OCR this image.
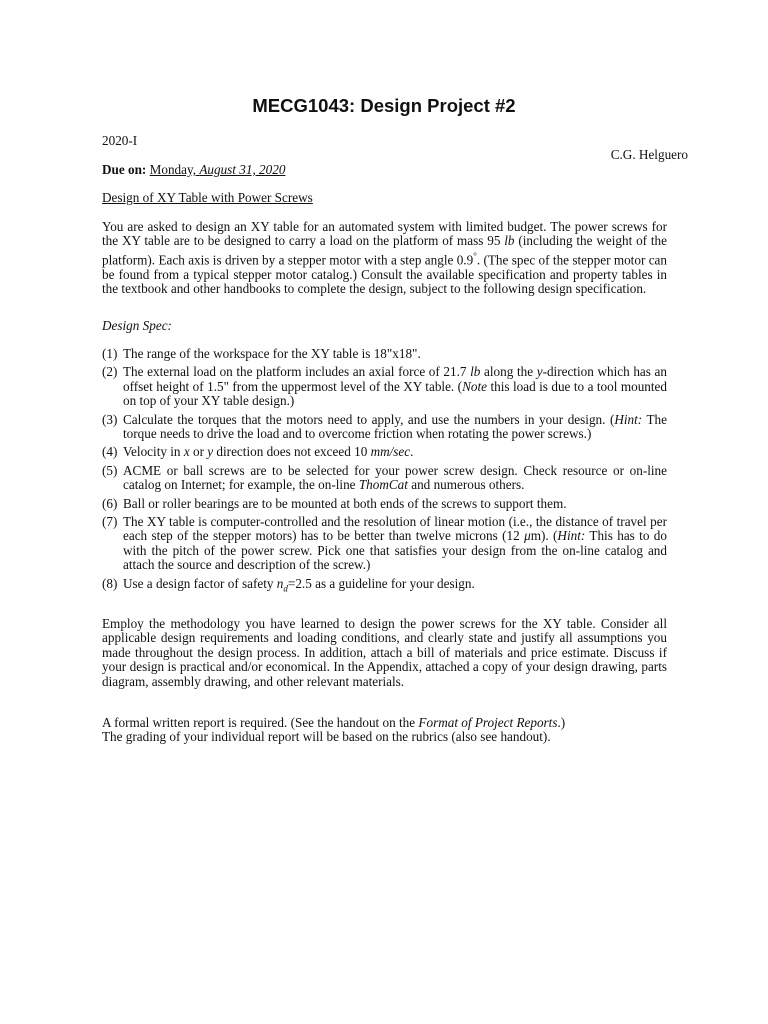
MECG1043: Design Project #2
2020-I
C.G. Helguero
Due on: Monday, August 31, 2020
Design of XY Table with Power Screws

You are asked to design an XY table for an automated system with limited budget. The power screws for the XY table are to be designed to carry a load on the platform of mass 95 lb (including the weight of the platform). Each axis is driven by a stepper motor with a step angle 0.9°. (The spec of the stepper motor can be found from a typical stepper motor catalog.) Consult the available specification and property tables in the textbook and other handbooks to complete the design, subject to the following design specification.

Design Spec:
(1) The range of the workspace for the XY table is 18"x18".
(2) The external load on the platform includes an axial force of 21.7 lb along the y-direction which has an offset height of 1.5" from the uppermost level of the XY table. (Note this load is due to a tool mounted on top of your XY table design.)
(3) Calculate the torques that the motors need to apply, and use the numbers in your design. (Hint: The torque needs to drive the load and to overcome friction when rotating the power screws.)
(4) Velocity in x or y direction does not exceed 10 mm/sec.
(5) ACME or ball screws are to be selected for your power screw design. Check resource or on-line catalog on Internet; for example, the on-line ThomCat and numerous others.
(6) Ball or roller bearings are to be mounted at both ends of the screws to support them.
(7) The XY table is computer-controlled and the resolution of linear motion (i.e., the distance of travel per each step of the stepper motors) has to be better than twelve microns (12 μm). (Hint: This has to do with the pitch of the power screw. Pick one that satisfies your design from the on-line catalog and attach the source and description of the screw.)
(8) Use a design factor of safety $n_d=2.5$ as a guideline for your design.

Employ the methodology you have learned to design the power screws for the XY table. Consider all applicable design requirements and loading conditions, and clearly state and justify all assumptions you made throughout the design process. In addition, attach a bill of materials and price estimate. Discuss if your design is practical and/or economical. In the Appendix, attached a copy of your design drawing, parts diagram, assembly drawing, and other relevant materials.

A formal written report is required. (See the handout on the Format of Project Reports.)
The grading of your individual report will be based on the rubrics (also see handout).
